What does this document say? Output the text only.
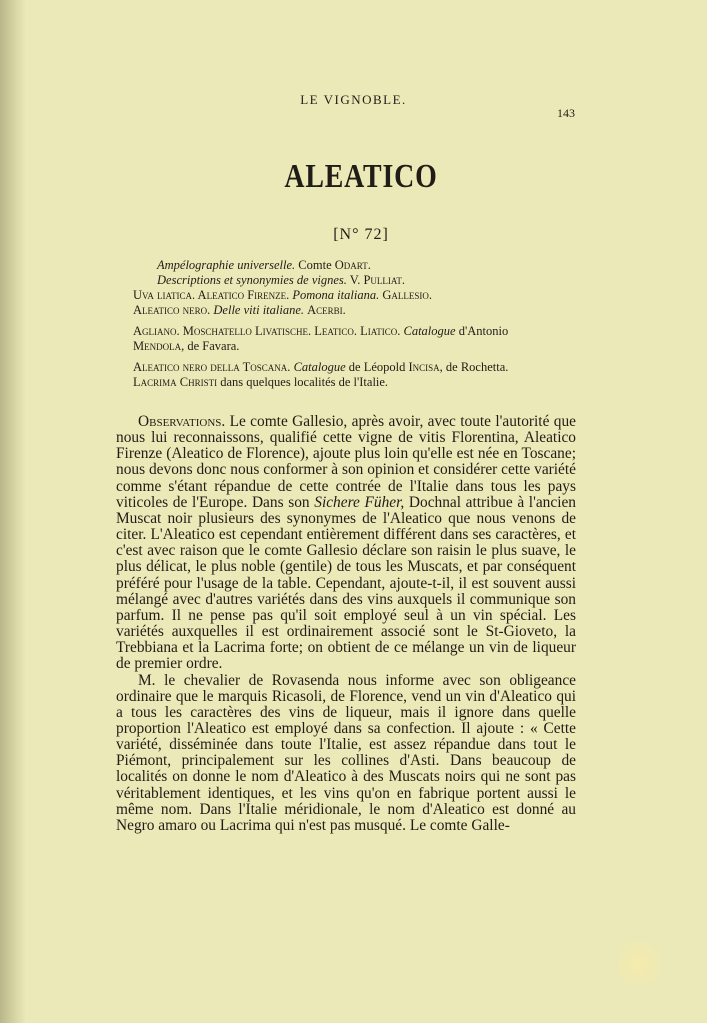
LE VIGNOBLE.
143
ALEATICO
[N° 72]
Ampélographie universelle. Comte Odart.
Descriptions et synonymies de vignes. V. Pulliat.
Uva liatica. Aleatico Firenze. Pomona italiana. Gallesio.
Aleatico nero. Delle viti italiane. Acerbi.
Agliano. Moschatello Livatische. Leatico. Liatico. Catalogue d'Antonio
Mendola, de Favara.
Aleatico nero della Toscana. Catalogue de Léopold Incisa, de Rochetta.
Lacrima Christi dans quelques localités de l'Italie.

Observations. Le comte Gallesio, après avoir, avec toute l'autorité que nous lui reconnaissons, qualifié cette vigne de vitis Florentina, Aleatico Firenze (Aleatico de Florence), ajoute plus loin qu'elle est née en Toscane; nous devons donc nous conformer à son opinion et considérer cette variété comme s'étant répandue de cette contrée de l'Italie dans tous les pays viticoles de l'Europe. Dans son Sichere Füher, Dochnal attribue à l'ancien Muscat noir plusieurs des synonymes de l'Aleatico que nous venons de citer. L'Aleatico est cependant entièrement différent dans ses caractères, et c'est avec raison que le comte Gallesio déclare son raisin le plus suave, le plus délicat, le plus noble (gentile) de tous les Muscats, et par conséquent préféré pour l'usage de la table. Cependant, ajoute-t-il, il est souvent aussi mélangé avec d'autres variétés dans des vins auxquels il communique son parfum. Il ne pense pas qu'il soit employé seul à un vin spécial. Les variétés auxquelles il est ordinairement associé sont le St-Gioveto, la Trebbiana et la Lacrima forte; on obtient de ce mélange un vin de liqueur de premier ordre.

M. le chevalier de Rovasenda nous informe avec son obligeance ordinaire que le marquis Ricasoli, de Florence, vend un vin d'Aleatico qui a tous les caractères des vins de liqueur, mais il ignore dans quelle proportion l'Aleatico est employé dans sa confection. Il ajoute : « Cette variété, disséminée dans toute l'Italie, est assez répandue dans tout le Piémont, principalement sur les collines d'Asti. Dans beaucoup de localités on donne le nom d'Aleatico à des Muscats noirs qui ne sont pas véritablement identiques, et les vins qu'on en fabrique portent aussi le même nom. Dans l'Italie méridionale, le nom d'Aleatico est donné au Negro amaro ou Lacrima qui n'est pas musqué. Le comte Galle-
